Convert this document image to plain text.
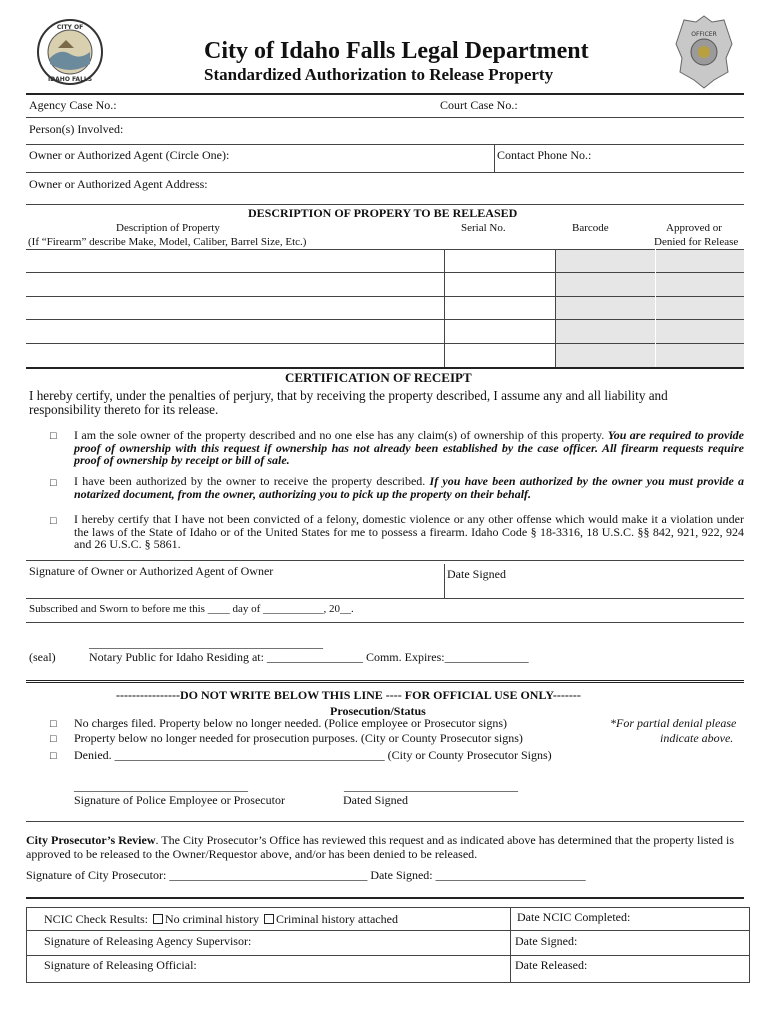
CITY OF
IDAHO FALLS
City of Idaho Falls Legal Department
Standardized Authorization to Release Property
OFFICER
Agency Case No.:	Court Case No.:
Person(s) Involved:
Owner or Authorized Agent (Circle One):	Contact Phone No.:
Owner or Authorized Agent Address:
DESCRIPTION OF PROPERY TO BE RELEASED
Description of Property
(If “Firearm” describe Make, Model, Caliber, Barrel Size, Etc.)
Serial No.	Barcode	Approved or
Denied for Release
CERTIFICATION OF RECEIPT
I hereby certify, under the penalties of perjury, that by receiving the property described, I assume any and all liability and responsibility thereto for its release.
□ I am the sole owner of the property described and no one else has any claim(s) of ownership of this property. You are required to provide proof of ownership with this request if ownership has not already been established by the case officer. All firearm requests require proof of ownership by receipt or bill of sale.
□ I have been authorized by the owner to receive the property described. If you have been authorized by the owner you must provide a notarized document, from the owner, authorizing you to pick up the property on their behalf.
□ I hereby certify that I have not been convicted of a felony, domestic violence or any other offense which would make it a violation under the laws of the State of Idaho or of the United States for me to possess a firearm. Idaho Code § 18-3316, 18 U.S.C. §§ 842, 921, 922, 924 and 26 U.S.C. § 5861.
Signature of Owner or Authorized Agent of Owner	Date Signed
Subscribed and Sworn to before me this ____ day of ___________, 20__.
_______________________________________
(seal)	Notary Public for Idaho Residing at: ________________ Comm. Expires:______________
----------------DO NOT WRITE BELOW THIS LINE ---- FOR OFFICIAL USE ONLY-------
Prosecution/Status
□ No charges filed. Property below no longer needed. (Police employee or Prosecutor signs)
□ Property below no longer needed for prosecution purposes. (City or County Prosecutor signs)
□ Denied. _____________________________________________ (City or County Prosecutor Signs)
*For partial denial please
indicate above.
_____________________________	_____________________________
Signature of Police Employee or Prosecutor	Dated Signed
City Prosecutor’s Review. The City Prosecutor’s Office has reviewed this request and as indicated above has determined that the property listed is approved to be released to the Owner/Requestor above, and/or has been denied to be released.
Signature of City Prosecutor: _________________________________ Date Signed: _________________________
NCIC Check Results: No criminal history Criminal history attached	Date NCIC Completed:
Signature of Releasing Agency Supervisor:	Date Signed:
Signature of Releasing Official:	Date Released:
